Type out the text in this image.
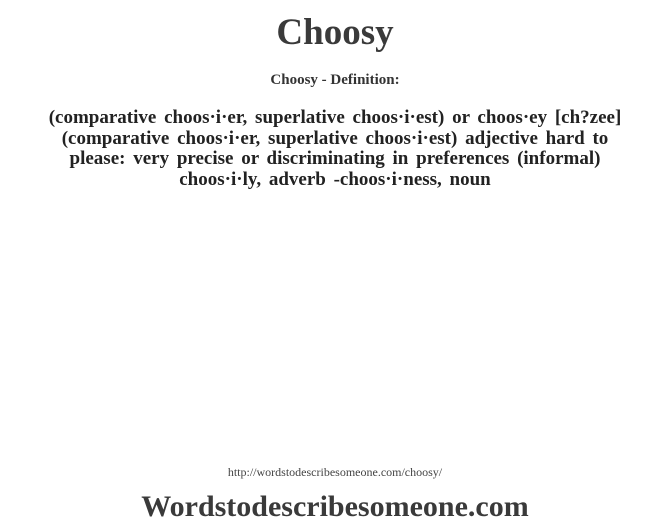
Choosy
Choosy - Definition:
(comparative choos·i·er, superlative choos·i·est) or choos·ey [ch?zee] (comparative choos·i·er, superlative choos·i·est) adjective hard to please: very precise or discriminating in preferences (informal) choos·i·ly, adverb -choos·i·ness, noun
http://wordstodescribesomeone.com/choosy/
Wordstodescribesomeone.com
